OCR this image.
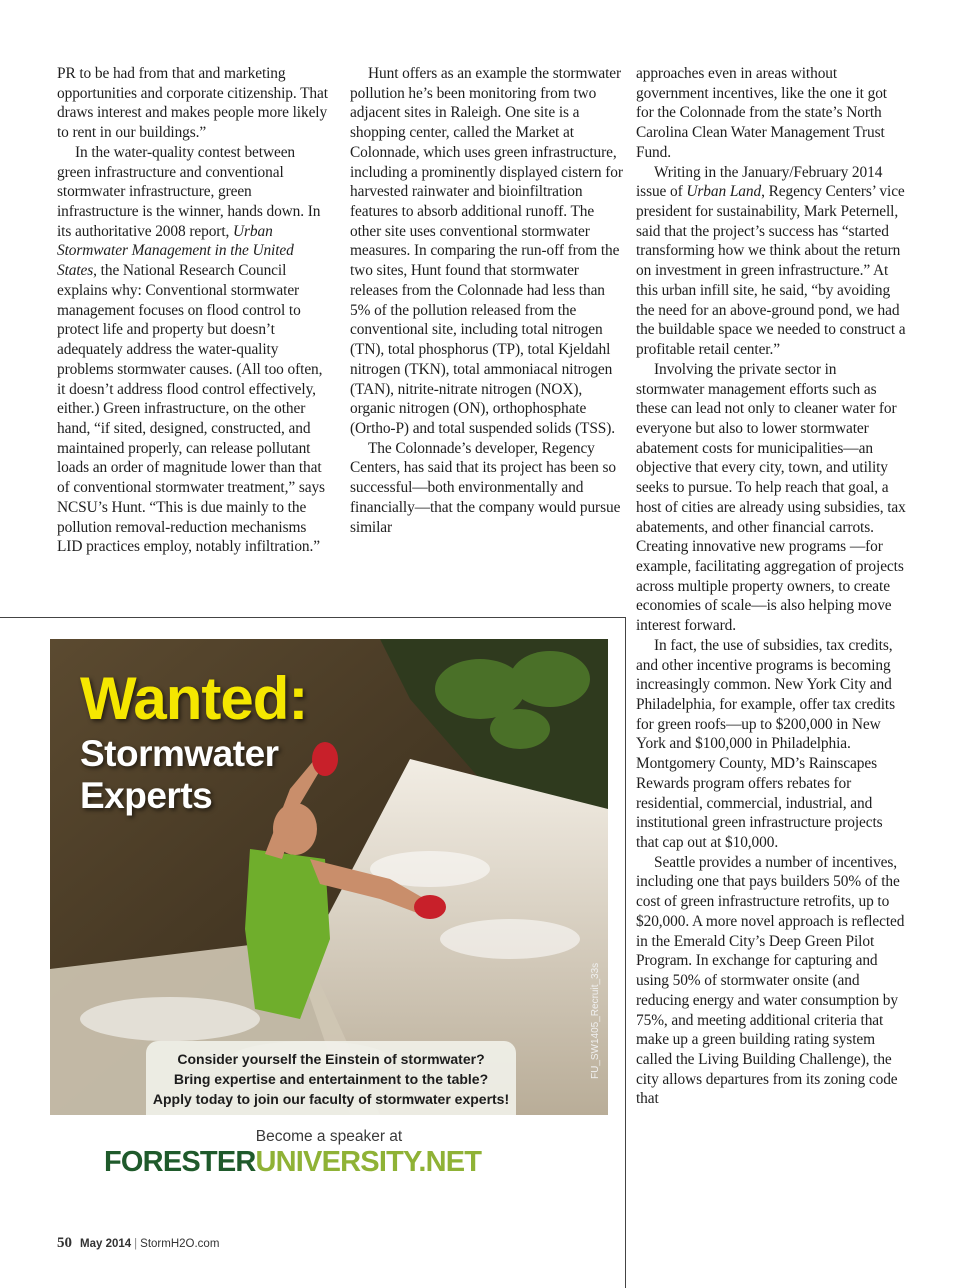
PR to be had from that and marketing opportunities and corporate citizenship. That draws interest and makes people more likely to rent in our buildings.”

In the water-quality contest between green infrastructure and conventional stormwater infrastructure, green infrastructure is the winner, hands down. In its authoritative 2008 report, Urban Stormwater Management in the United States, the National Research Council explains why: Conventional stormwater management focuses on flood control to protect life and property but doesn’t adequately address the water-quality problems stormwater causes. (All too often, it doesn’t address flood control effectively, either.) Green infrastructure, on the other hand, “if sited, designed, constructed, and maintained properly, can release pollutant loads an order of magnitude lower than that of conventional stormwater treatment,” says NCSU’s Hunt. “This is due mainly to the pollution removal-reduction mechanisms LID practices employ, notably infiltration.”

Hunt offers as an example the stormwater pollution he’s been monitoring from two adjacent sites in Raleigh. One site is a shopping center, called the Market at Colonnade, which uses green infrastructure, including a prominently displayed cistern for harvested rainwater and bioinfiltration features to absorb additional runoff. The other site uses conventional stormwater measures. In comparing the run-off from the two sites, Hunt found that stormwater releases from the Colonnade had less than 5% of the pollution released from the conventional site, including total nitrogen (TN), total phosphorus (TP), total Kjeldahl nitrogen (TKN), total ammoniacal nitrogen (TAN), nitrite-nitrate nitrogen (NOX), organic nitrogen (ON), orthophosphate (Ortho-P) and total suspended solids (TSS).

The Colonnade’s developer, Regency Centers, has said that its project has been so successful—both environmentally and financially—that the company would pursue similar

approaches even in areas without government incentives, like the one it got for the Colonnade from the state’s North Carolina Clean Water Management Trust Fund.

Writing in the January/February 2014 issue of Urban Land, Regency Centers’ vice president for sustainability, Mark Peternell, said that the project’s success has “started transforming how we think about the return on investment in green infrastructure.” At this urban infill site, he said, “by avoiding the need for an above-ground pond, we had the buildable space we needed to construct a profitable retail center.”

Involving the private sector in stormwater management efforts such as these can lead not only to cleaner water for everyone but also to lower stormwater abatement costs for municipalities—an objective that every city, town, and utility seeks to pursue. To help reach that goal, a host of cities are already using subsidies, tax abatements, and other financial carrots. Creating innovative new programs —for example, facilitating aggregation of projects across multiple property owners, to create economies of scale—is also helping move interest forward.

In fact, the use of subsidies, tax credits, and other incentive programs is becoming increasingly common. New York City and Philadelphia, for example, offer tax credits for green roofs—up to $200,000 in New York and $100,000 in Philadelphia. Montgomery County, MD’s Rainscapes Rewards program offers rebates for residential, commercial, industrial, and institutional green infrastructure projects that cap out at $10,000.

Seattle provides a number of incentives, including one that pays builders 50% of the cost of green infrastructure retrofits, up to $20,000. A more novel approach is reflected in the Emerald City’s Deep Green Pilot Program. In exchange for capturing and using 50% of stormwater onsite (and reducing energy and water consumption by 75%, and meeting additional criteria that make up a green building rating system called the Living Building Challenge), the city allows departures from its zoning code that

Wanted:
Stormwater
Experts
Consider yourself the Einstein of stormwater?
Bring expertise and entertainment to the table?
Apply today to join our faculty of stormwater experts!
FU_SW1405_Recruit_33s
Become a speaker at
FORESTERUNIVERSITY.NET
50 May 2014 | StormH2O.com
